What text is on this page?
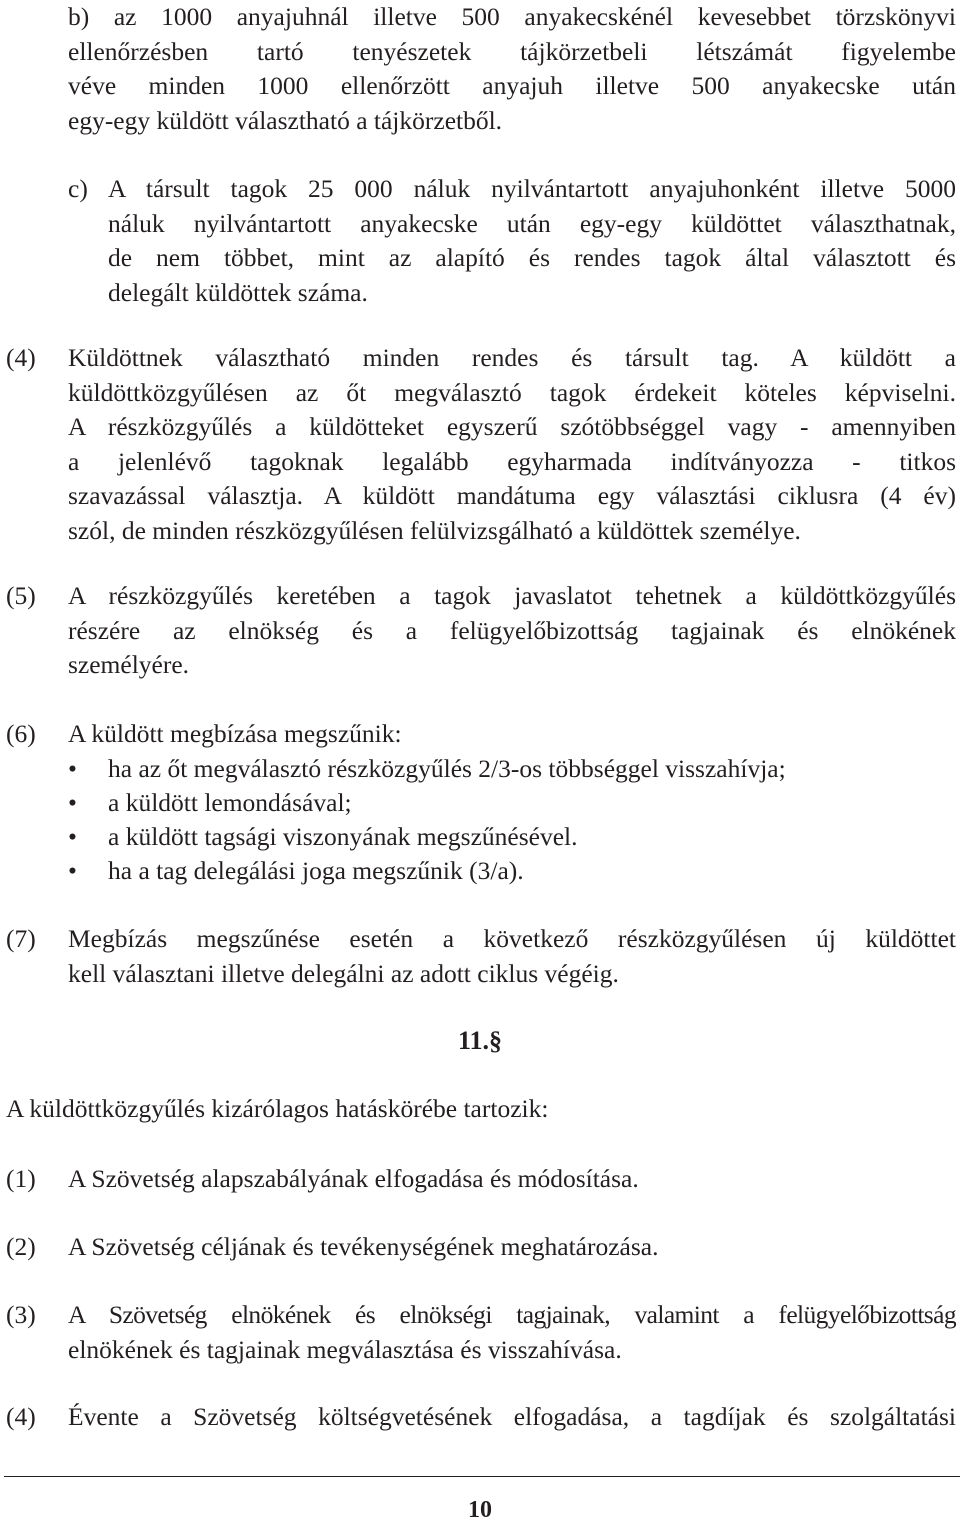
b) az 1000 anyajuhnál illetve 500 anyakecskénél kevesebbet törzskönyvi
ellenőrzésben tartó tenyészetek tájkörzetbeli létszámát figyelembe
véve minden 1000 ellenőrzött anyajuh illetve 500 anyakecske után
egy-egy küldött választható a tájkörzetből.
c) A társult tagok 25 000 náluk nyilvántartott anyajuhonként illetve 5000
náluk nyilvántartott anyakecske után egy-egy küldöttet választhatnak,
de nem többet, mint az alapító és rendes tagok által választott és
delegált küldöttek száma.
(4) Küldöttnek választható minden rendes és társult tag. A küldött a
küldöttközgyűlésen az őt megválasztó tagok érdekeit köteles képviselni.
A részközgyűlés a küldötteket egyszerű szótöbbséggel vagy - amennyiben
a jelenlévő tagoknak legalább egyharmada indítványozza - titkos
szavazással választja. A küldött mandátuma egy választási ciklusra (4 év)
szól, de minden részközgyűlésen felülvizsgálható a küldöttek személye.
(5) A részközgyűlés keretében a tagok javaslatot tehetnek a küldöttközgyűlés
részére az elnökség és a felügyelőbizottság tagjainak és elnökének
személyére.
(6) A küldött megbízása megszűnik:
• ha az őt megválasztó részközgyűlés 2/3-os többséggel visszahívja;
• a küldött lemondásával;
• a küldött tagsági viszonyának megszűnésével.
• ha a tag delegálási joga megszűnik (3/a).
(7) Megbízás megszűnése esetén a következő részközgyűlésen új küldöttet
kell választani illetve delegálni az adott ciklus végéig.
11.§
A küldöttközgyűlés kizárólagos hatáskörébe tartozik:
(1) A Szövetség alapszabályának elfogadása és módosítása.
(2) A Szövetség céljának és tevékenységének meghatározása.
(3) A Szövetség elnökének és elnökségi tagjainak, valamint a felügyelőbizottság
elnökének és tagjainak megválasztása és visszahívása.
(4) Évente a Szövetség költségvetésének elfogadása, a tagdíjak és szolgáltatási
10
